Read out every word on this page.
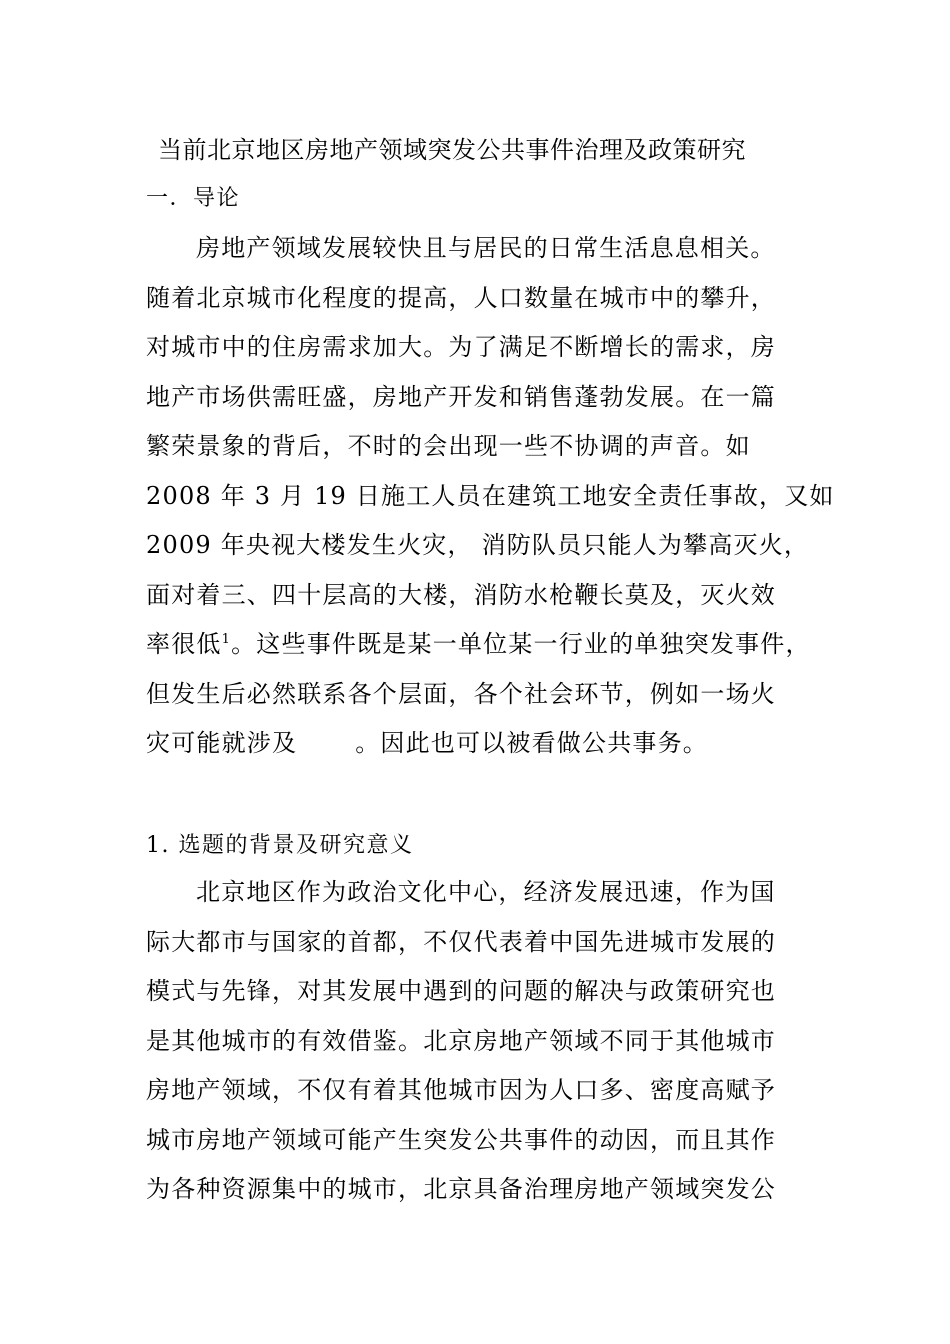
当前北京地区房地产领域突发公共事件治理及政策研究
一．导论
房地产领域发展较快且与居民的日常生活息息相关。
随着北京城市化程度的提高，人口数量在城市中的攀升，
对城市中的住房需求加大。为了满足不断增长的需求，房
地产市场供需旺盛，房地产开发和销售蓬勃发展。在一篇
繁荣景象的背后，不时的会出现一些不协调的声音。如
2008 年 3 月 19 日施工人员在建筑工地安全责任事故，又如
2009 年央视大楼发生火灾， 消防队员只能人为攀高灭火，
面对着三、四十层高的大楼，消防水枪鞭长莫及，灭火效
率很低$^1$。这些事件既是某一单位某一行业的单独突发事件，
但发生后必然联系各个层面，各个社会环节，例如一场火
灾可能就涉及 。因此也可以被看做公共事务。
1. 选题的背景及研究意义
北京地区作为政治文化中心，经济发展迅速，作为国
际大都市与国家的首都，不仅代表着中国先进城市发展的
模式与先锋，对其发展中遇到的问题的解决与政策研究也
是其他城市的有效借鉴。北京房地产领域不同于其他城市
房地产领域，不仅有着其他城市因为人口多、密度高赋予
城市房地产领域可能产生突发公共事件的动因，而且其作
为各种资源集中的城市，北京具备治理房地产领域突发公
